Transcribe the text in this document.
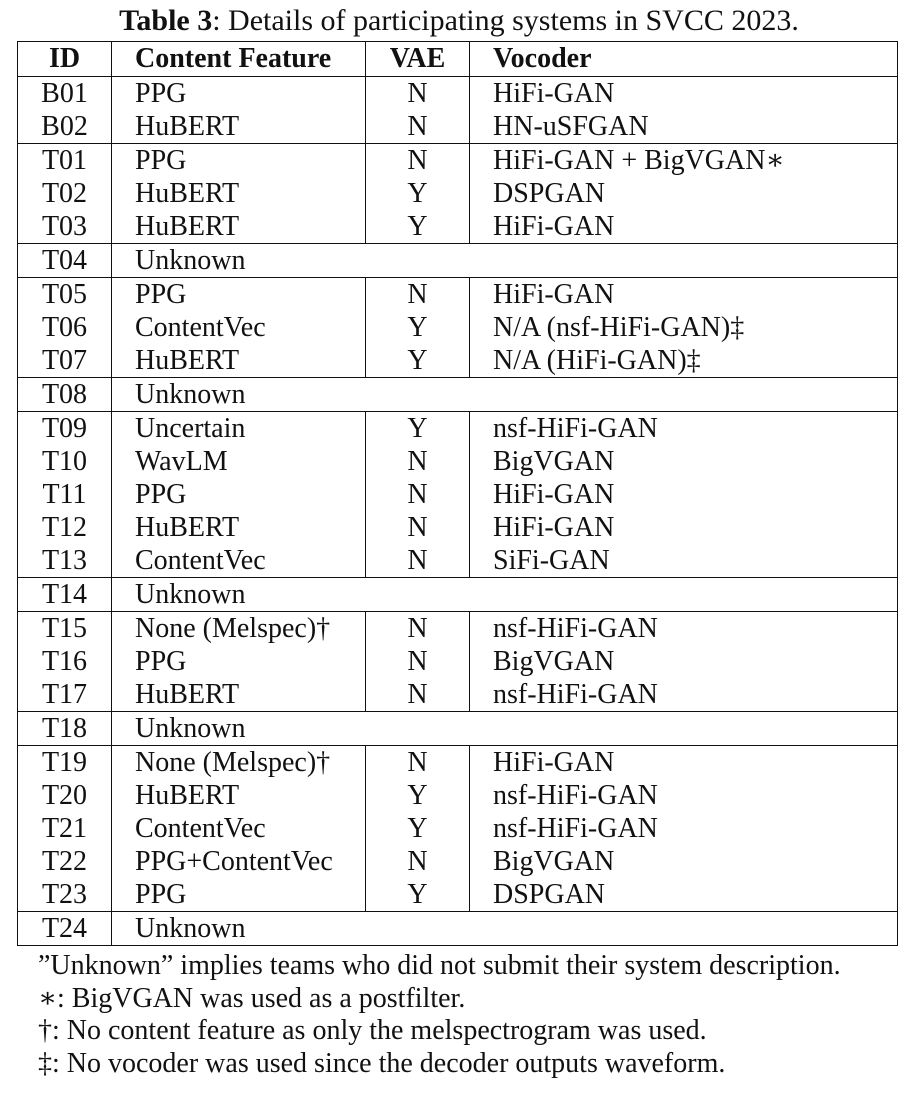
Table 3: Details of participating systems in SVCC 2023.
ID	Content Feature	VAE	Vocoder
B01	PPG	N	HiFi-GAN
B02	HuBERT	N	HN-uSFGAN
T01	PPG	N	HiFi-GAN + BigVGAN∗
T02	HuBERT	Y	DSPGAN
T03	HuBERT	Y	HiFi-GAN
T04	Unknown		
T05	PPG	N	HiFi-GAN
T06	ContentVec	Y	N/A (nsf-HiFi-GAN)‡
T07	HuBERT	Y	N/A (HiFi-GAN)‡
T08	Unknown		
T09	Uncertain	Y	nsf-HiFi-GAN
T10	WavLM	N	BigVGAN
T11	PPG	N	HiFi-GAN
T12	HuBERT	N	HiFi-GAN
T13	ContentVec	N	SiFi-GAN
T14	Unknown		
T15	None (Melspec)†	N	nsf-HiFi-GAN
T16	PPG	N	BigVGAN
T17	HuBERT	N	nsf-HiFi-GAN
T18	Unknown		
T19	None (Melspec)†	N	HiFi-GAN
T20	HuBERT	Y	nsf-HiFi-GAN
T21	ContentVec	Y	nsf-HiFi-GAN
T22	PPG+ContentVec	N	BigVGAN
T23	PPG	Y	DSPGAN
T24	Unknown		
”Unknown” implies teams who did not submit their system description.
∗: BigVGAN was used as a postfilter.
†: No content feature as only the melspectrogram was used.
‡: No vocoder was used since the decoder outputs waveform.
